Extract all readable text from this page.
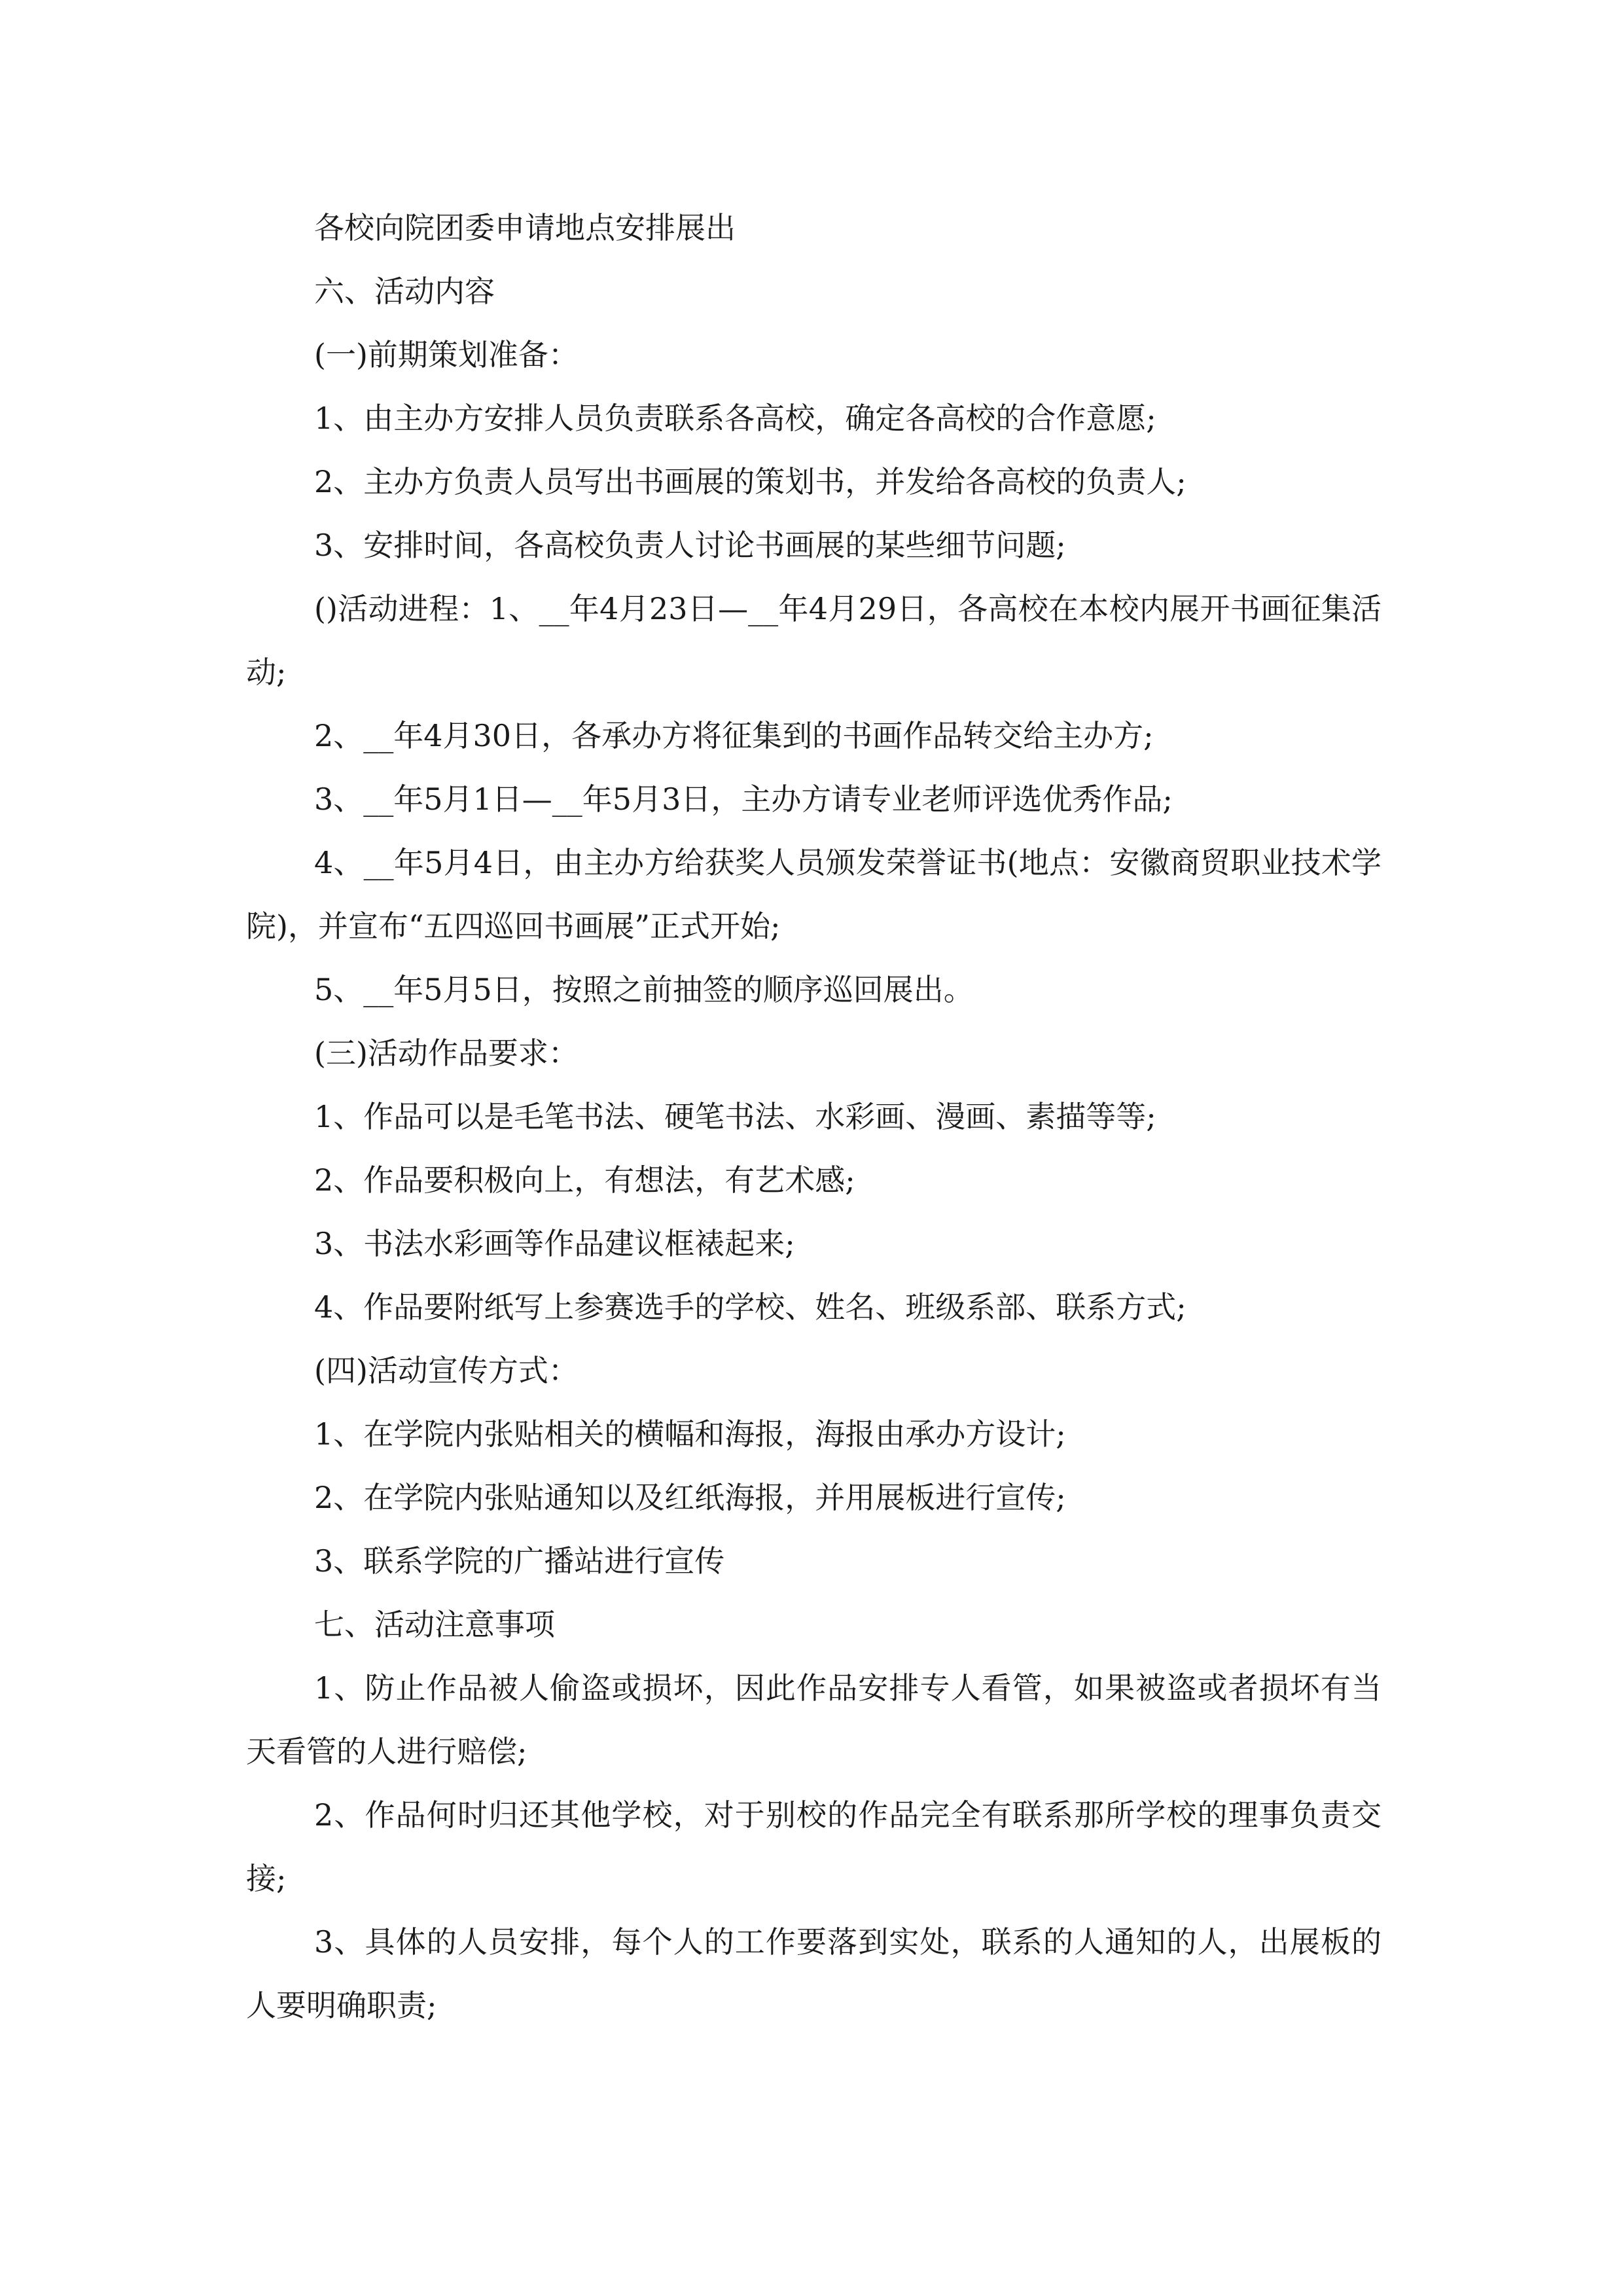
各校向院团委申请地点安排展出

六、活动内容

(一)前期策划准备：

1、由主办方安排人员负责联系各高校，确定各高校的合作意愿;

2、主办方负责人员写出书画展的策划书，并发给各高校的负责人;

3、安排时间，各高校负责人讨论书画展的某些细节问题;

()活动进程：1、__年4月23日—__年4月29日，各高校在本校内展开书画征集活动;

2、__年4月30日，各承办方将征集到的书画作品转交给主办方;

3、__年5月1日—__年5月3日，主办方请专业老师评选优秀作品;

4、__年5月4日，由主办方给获奖人员颁发荣誉证书(地点：安徽商贸职业技术学院)，并宣布“五四巡回书画展”正式开始;

5、__年5月5日，按照之前抽签的顺序巡回展出。

(三)活动作品要求：

1、作品可以是毛笔书法、硬笔书法、水彩画、漫画、素描等等;

2、作品要积极向上，有想法，有艺术感;

3、书法水彩画等作品建议框裱起来;

4、作品要附纸写上参赛选手的学校、姓名、班级系部、联系方式;

(四)活动宣传方式：

1、在学院内张贴相关的横幅和海报，海报由承办方设计;

2、在学院内张贴通知以及红纸海报，并用展板进行宣传;

3、联系学院的广播站进行宣传

七、活动注意事项

1、防止作品被人偷盗或损坏，因此作品安排专人看管，如果被盗或者损坏有当天看管的人进行赔偿;

2、作品何时归还其他学校，对于别校的作品完全有联系那所学校的理事负责交接;

3、具体的人员安排，每个人的工作要落到实处，联系的人通知的人，出展板的人要明确职责;
